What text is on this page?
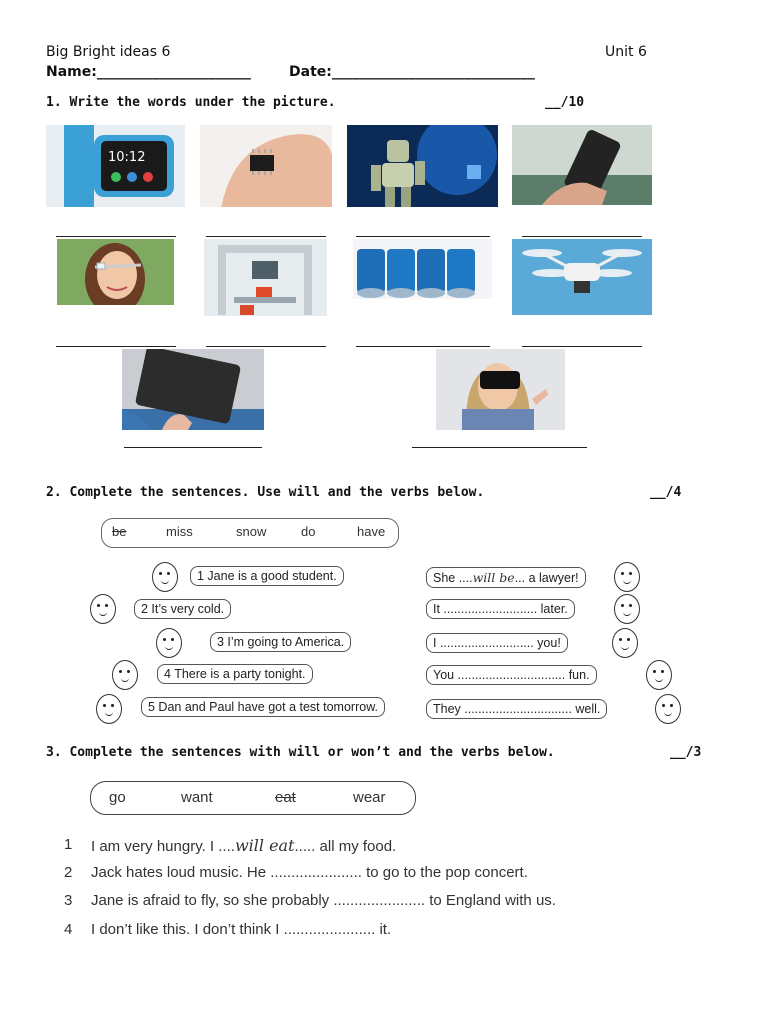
Big Bright ideas 6	Unit 6
Name:______________________	Date:_____________________________
1. Write the words under the picture.	__/10
10:12
2. Complete the sentences. Use will and the verbs below.	__/4
be	miss	snow	do	have
1 Jane is a good student.
2 It’s very cold.
3 I’m going to America.
4 There is a party tonight.
5 Dan and Paul have got a test tomorrow.
She ....will be... a lawyer!
It ........................... later.
I ........................... you!
You ............................... fun.
They ............................... well.
3. Complete the sentences with will or won’t and the verbs below.	__/3
go	want	eat	wear
1 I am very hungry. I ....will eat..... all my food.
2 Jack hates loud music. He ...................... to go to the pop concert.
3 Jane is afraid to fly, so she probably ...................... to England with us.
4 I don’t like this. I don’t think I ...................... it.
